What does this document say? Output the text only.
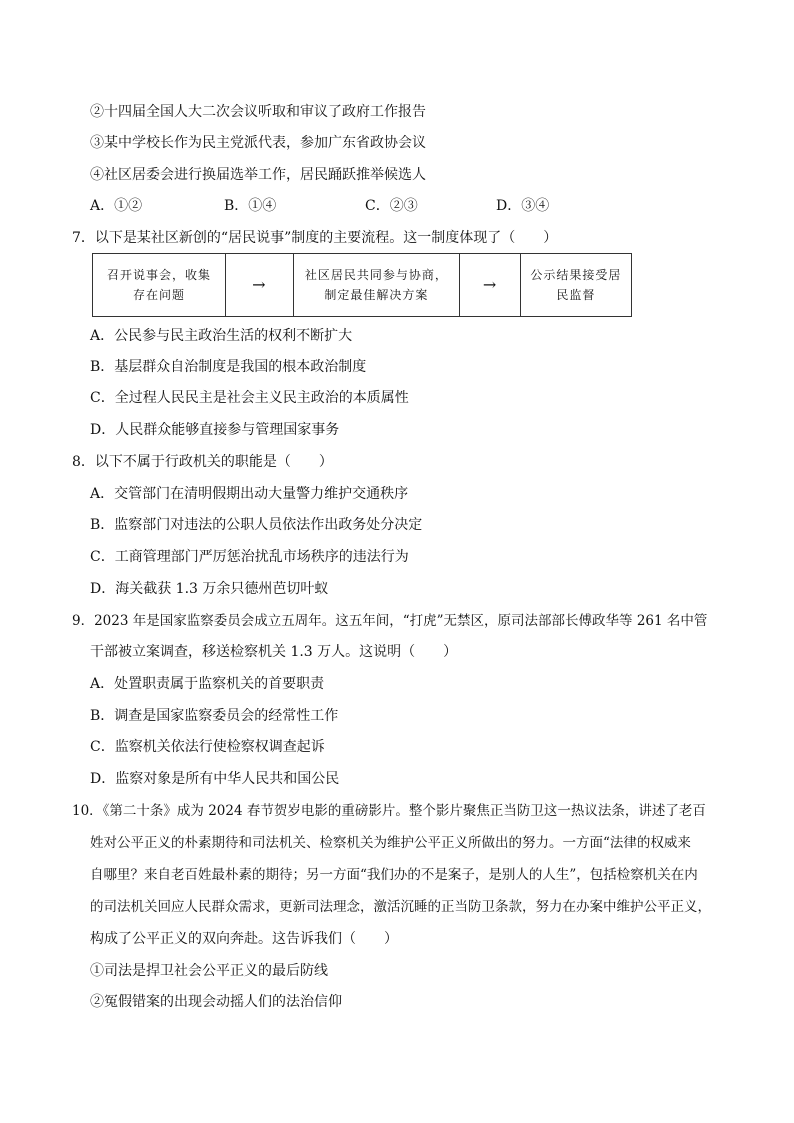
②十四届全国人大二次会议听取和审议了政府工作报告
③某中学校长作为民主党派代表，参加广东省政协会议
④社区居委会进行换届选举工作，居民踊跃推举候选人
A．①②	B．①④	C．②③	D．③④
7．以下是某社区新创的“居民说事”制度的主要流程。这一制度体现了（　　）
召开说事会，收集
存在问题
→	社区居民共同参与协商，
制定最佳解决方案
→	公示结果接受居
民监督
A．公民参与民主政治生活的权利不断扩大
B．基层群众自治制度是我国的根本政治制度
C．全过程人民民主是社会主义民主政治的本质属性
D．人民群众能够直接参与管理国家事务
8．以下不属于行政机关的职能是（　　）
A．交管部门在清明假期出动大量警力维护交通秩序
B．监察部门对违法的公职人员依法作出政务处分决定
C．工商管理部门严厉惩治扰乱市场秩序的违法行为
D．海关截获 1.3 万余只德州芭切叶蚁
9．2023 年是国家监察委员会成立五周年。这五年间，“打虎”无禁区，原司法部部长傅政华等 261 名中管
干部被立案调查，移送检察机关 1.3 万人。这说明（　　）
A．处置职责属于监察机关的首要职责
B．调查是国家监察委员会的经常性工作
C．监察机关依法行使检察权调查起诉
D．监察对象是所有中华人民共和国公民
10．《第二十条》成为 2024 春节贺岁电影的重磅影片。整个影片聚焦正当防卫这一热议法条，讲述了老百
姓对公平正义的朴素期待和司法机关、检察机关为维护公平正义所做出的努力。一方面“法律的权威来
自哪里？来自老百姓最朴素的期待；另一方面“我们办的不是案子，是别人的人生”，包括检察机关在内
的司法机关回应人民群众需求，更新司法理念，激活沉睡的正当防卫条款，努力在办案中维护公平正义，
构成了公平正义的双向奔赴。这告诉我们（　　）
①司法是捍卫社会公平正义的最后防线
②冤假错案的出现会动摇人们的法治信仰
